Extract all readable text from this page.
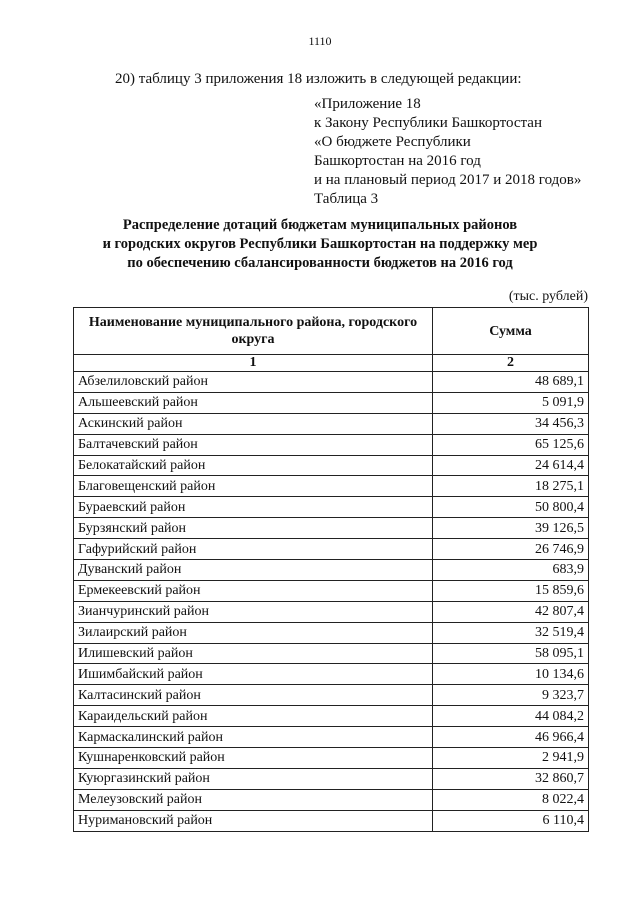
1110
20) таблицу 3 приложения 18 изложить в следующей редакции:
«Приложение 18
к Закону Республики Башкортостан
«О бюджете Республики
Башкортостан на 2016 год
и на плановый период 2017 и 2018 годов»
Таблица 3
Распределение дотаций бюджетам муниципальных районов
и городских округов Республики Башкортостан на поддержку мер
по обеспечению сбалансированности бюджетов на 2016 год
(тыс. рублей)
Наименование муниципального района, городского округа	Сумма
1	2
Абзелиловский район	48 689,1
Альшеевский район	5 091,9
Аскинский район	34 456,3
Балтачевский район	65 125,6
Белокатайский район	24 614,4
Благовещенский район	18 275,1
Бураевский район	50 800,4
Бурзянский район	39 126,5
Гафурийский район	26 746,9
Дуванский район	683,9
Ермекеевский район	15 859,6
Зианчуринский район	42 807,4
Зилаирский район	32 519,4
Илишевский район	58 095,1
Ишимбайский район	10 134,6
Калтасинский район	9 323,7
Караидельский район	44 084,2
Кармаскалинский район	46 966,4
Кушнаренковский район	2 941,9
Куюргазинский район	32 860,7
Мелеузовский район	8 022,4
Нуримановский район	6 110,4
